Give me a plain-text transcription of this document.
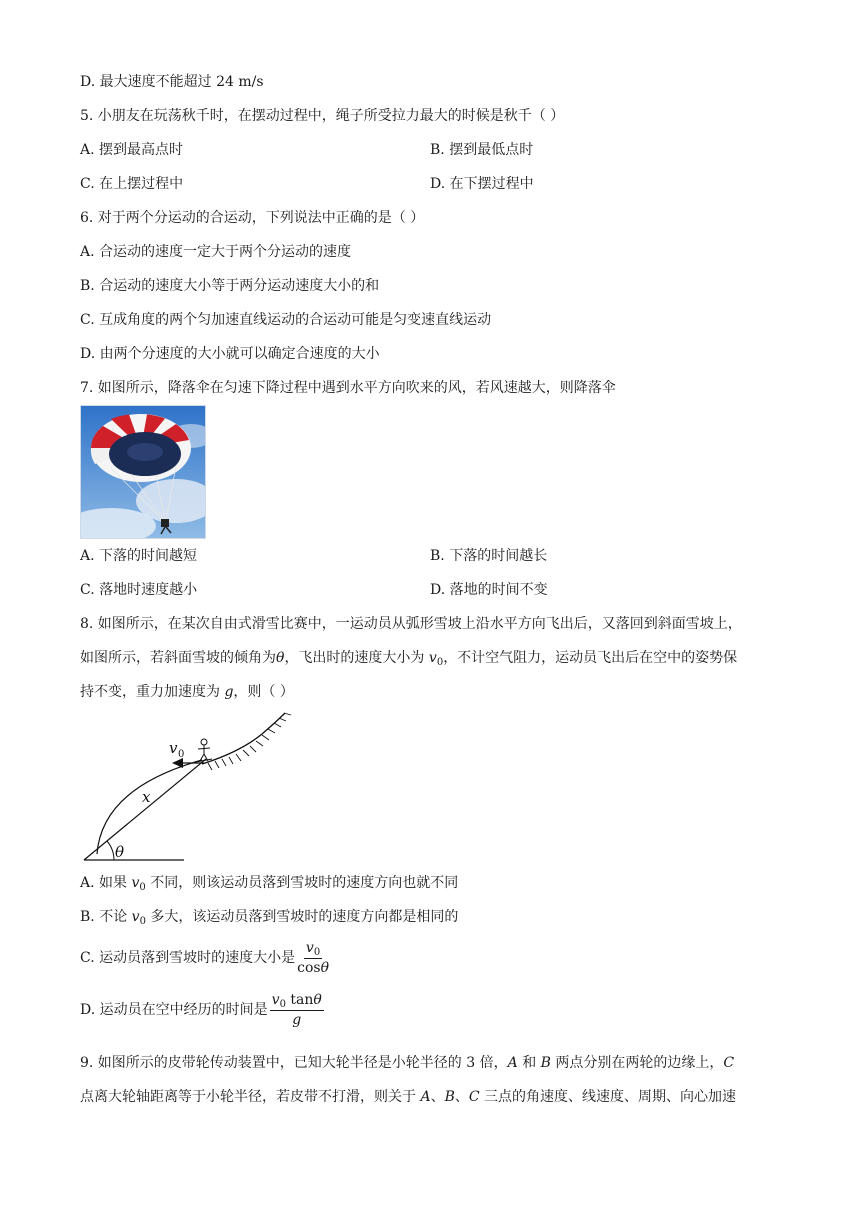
D. 最大速度不能超过 24 m/s
5. 小朋友在玩荡秋千时，在摆动过程中，绳子所受拉力最大的时候是秋千（ ）
A. 摆到最高点时	B. 摆到最低点时
C. 在上摆过程中	D. 在下摆过程中
6. 对于两个分运动的合运动，下列说法中正确的是（ ）
A. 合运动的速度一定大于两个分运动的速度
B. 合运动的速度大小等于两分运动速度大小的和
C. 互成角度的两个匀加速直线运动的合运动可能是匀变速直线运动
D. 由两个分速度的大小就可以确定合速度的大小
7. 如图所示，降落伞在匀速下降过程中遇到水平方向吹来的风，若风速越大，则降落伞
A. 下落的时间越短	B. 下落的时间越长
C. 落地时速度越小	D. 落地的时间不变
8. 如图所示，在某次自由式滑雪比赛中，一运动员从弧形雪坡上沿水平方向飞出后，又落回到斜面雪坡上，
如图所示，若斜面雪坡的倾角为θ，飞出时的速度大小为 $v_0$，不计空气阻力，运动员飞出后在空中的姿势保
持不变，重力加速度为 g，则（ ）
v 0
x
θ
A. 如果 $v_0$ 不同，则该运动员落到雪坡时的速度方向也就不同
B. 不论 $v_0$ 多大，该运动员落到雪坡时的速度方向都是相同的
C. 运动员落到雪坡时的速度大小是 $\frac{v_0}{\cos\theta}$
D. 运动员在空中经历的时间是 $\frac{v_0 \tan\theta}{g}$
9. 如图所示的皮带轮传动装置中，已知大轮半径是小轮半径的 3 倍，A 和 B 两点分别在两轮的边缘上，C
点离大轮轴距离等于小轮半径，若皮带不打滑，则关于 A、B、C 三点的角速度、线速度、周期、向心加速
